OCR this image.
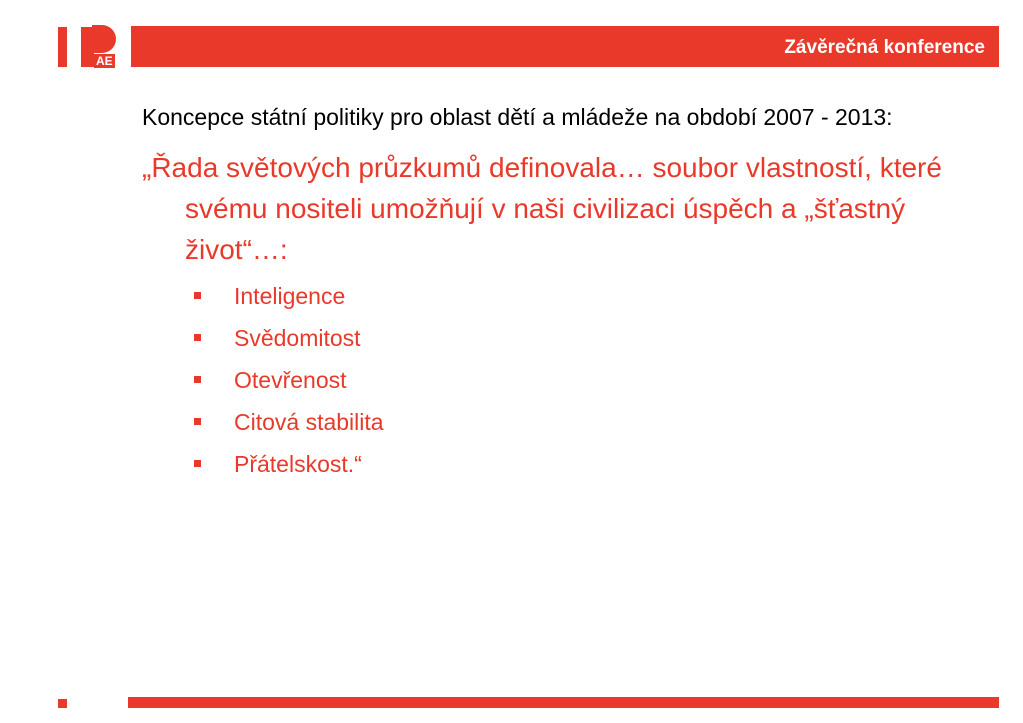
AE
Závěrečná konference

Koncepce státní politiky pro oblast dětí a mládeže na období 2007 - 2013:

„Řada světových průzkumů definovala… soubor vlastností, které svému nositeli umožňují v naši civilizaci úspěch a „šťastný život“…:

Inteligence
Svědomitost
Otevřenost
Citová stabilita
Přátelskost.“
